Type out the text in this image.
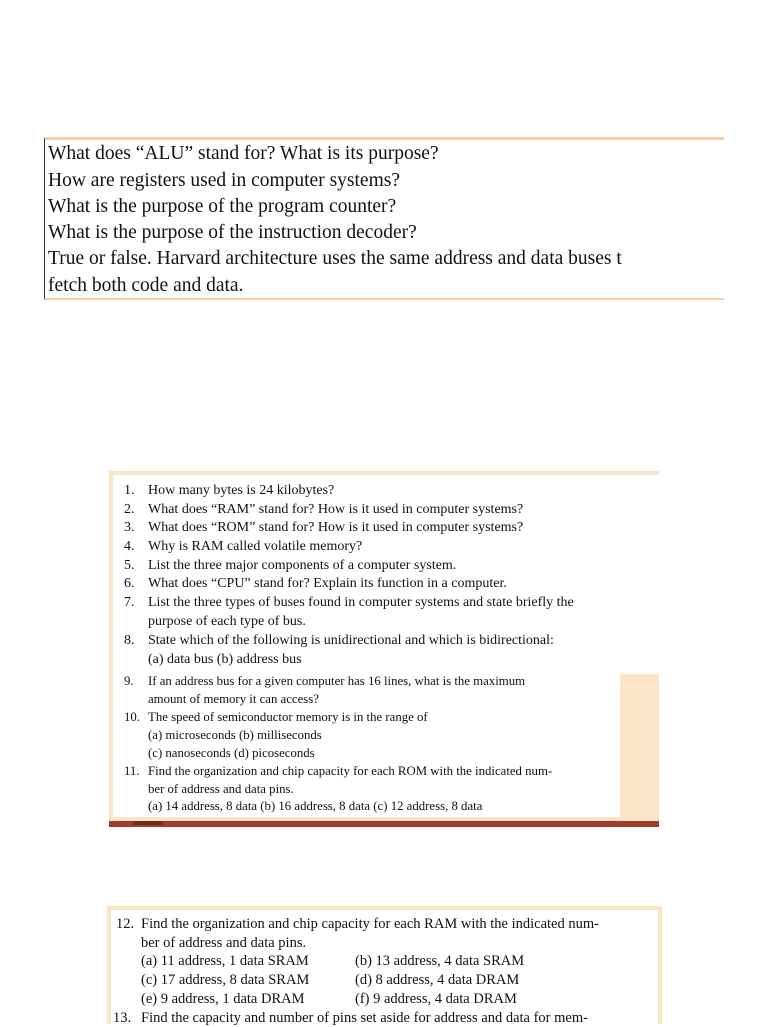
What does “ALU” stand for? What is its purpose?
How are registers used in computer systems?
What is the purpose of the program counter?
What is the purpose of the instruction decoder?
True or false. Harvard architecture uses the same address and data buses t
fetch both code and data.
1. How many bytes is 24 kilobytes?
2. What does “RAM” stand for? How is it used in computer systems?
3. What does “ROM” stand for? How is it used in computer systems?
4. Why is RAM called volatile memory?
5. List the three major components of a computer system.
6. What does “CPU” stand for? Explain its function in a computer.
7. List the three types of buses found in computer systems and state briefly the
purpose of each type of bus.
8. State which of the following is unidirectional and which is bidirectional:
(a) data bus (b) address bus
9. If an address bus for a given computer has 16 lines, what is the maximum
amount of memory it can access?
10. The speed of semiconductor memory is in the range of
(a) microseconds (b) milliseconds
(c) nanoseconds (d) picoseconds
11. Find the organization and chip capacity for each ROM with the indicated num-
ber of address and data pins.
(a) 14 address, 8 data (b) 16 address, 8 data (c) 12 address, 8 data
12. Find the organization and chip capacity for each RAM with the indicated num-
ber of address and data pins.
(a) 11 address, 1 data SRAM	(b) 13 address, 4 data SRAM
(c) 17 address, 8 data SRAM	(d) 8 address, 4 data DRAM
(e) 9 address, 1 data DRAM	(f) 9 address, 4 data DRAM
13. Find the capacity and number of pins set aside for address and data for mem-
